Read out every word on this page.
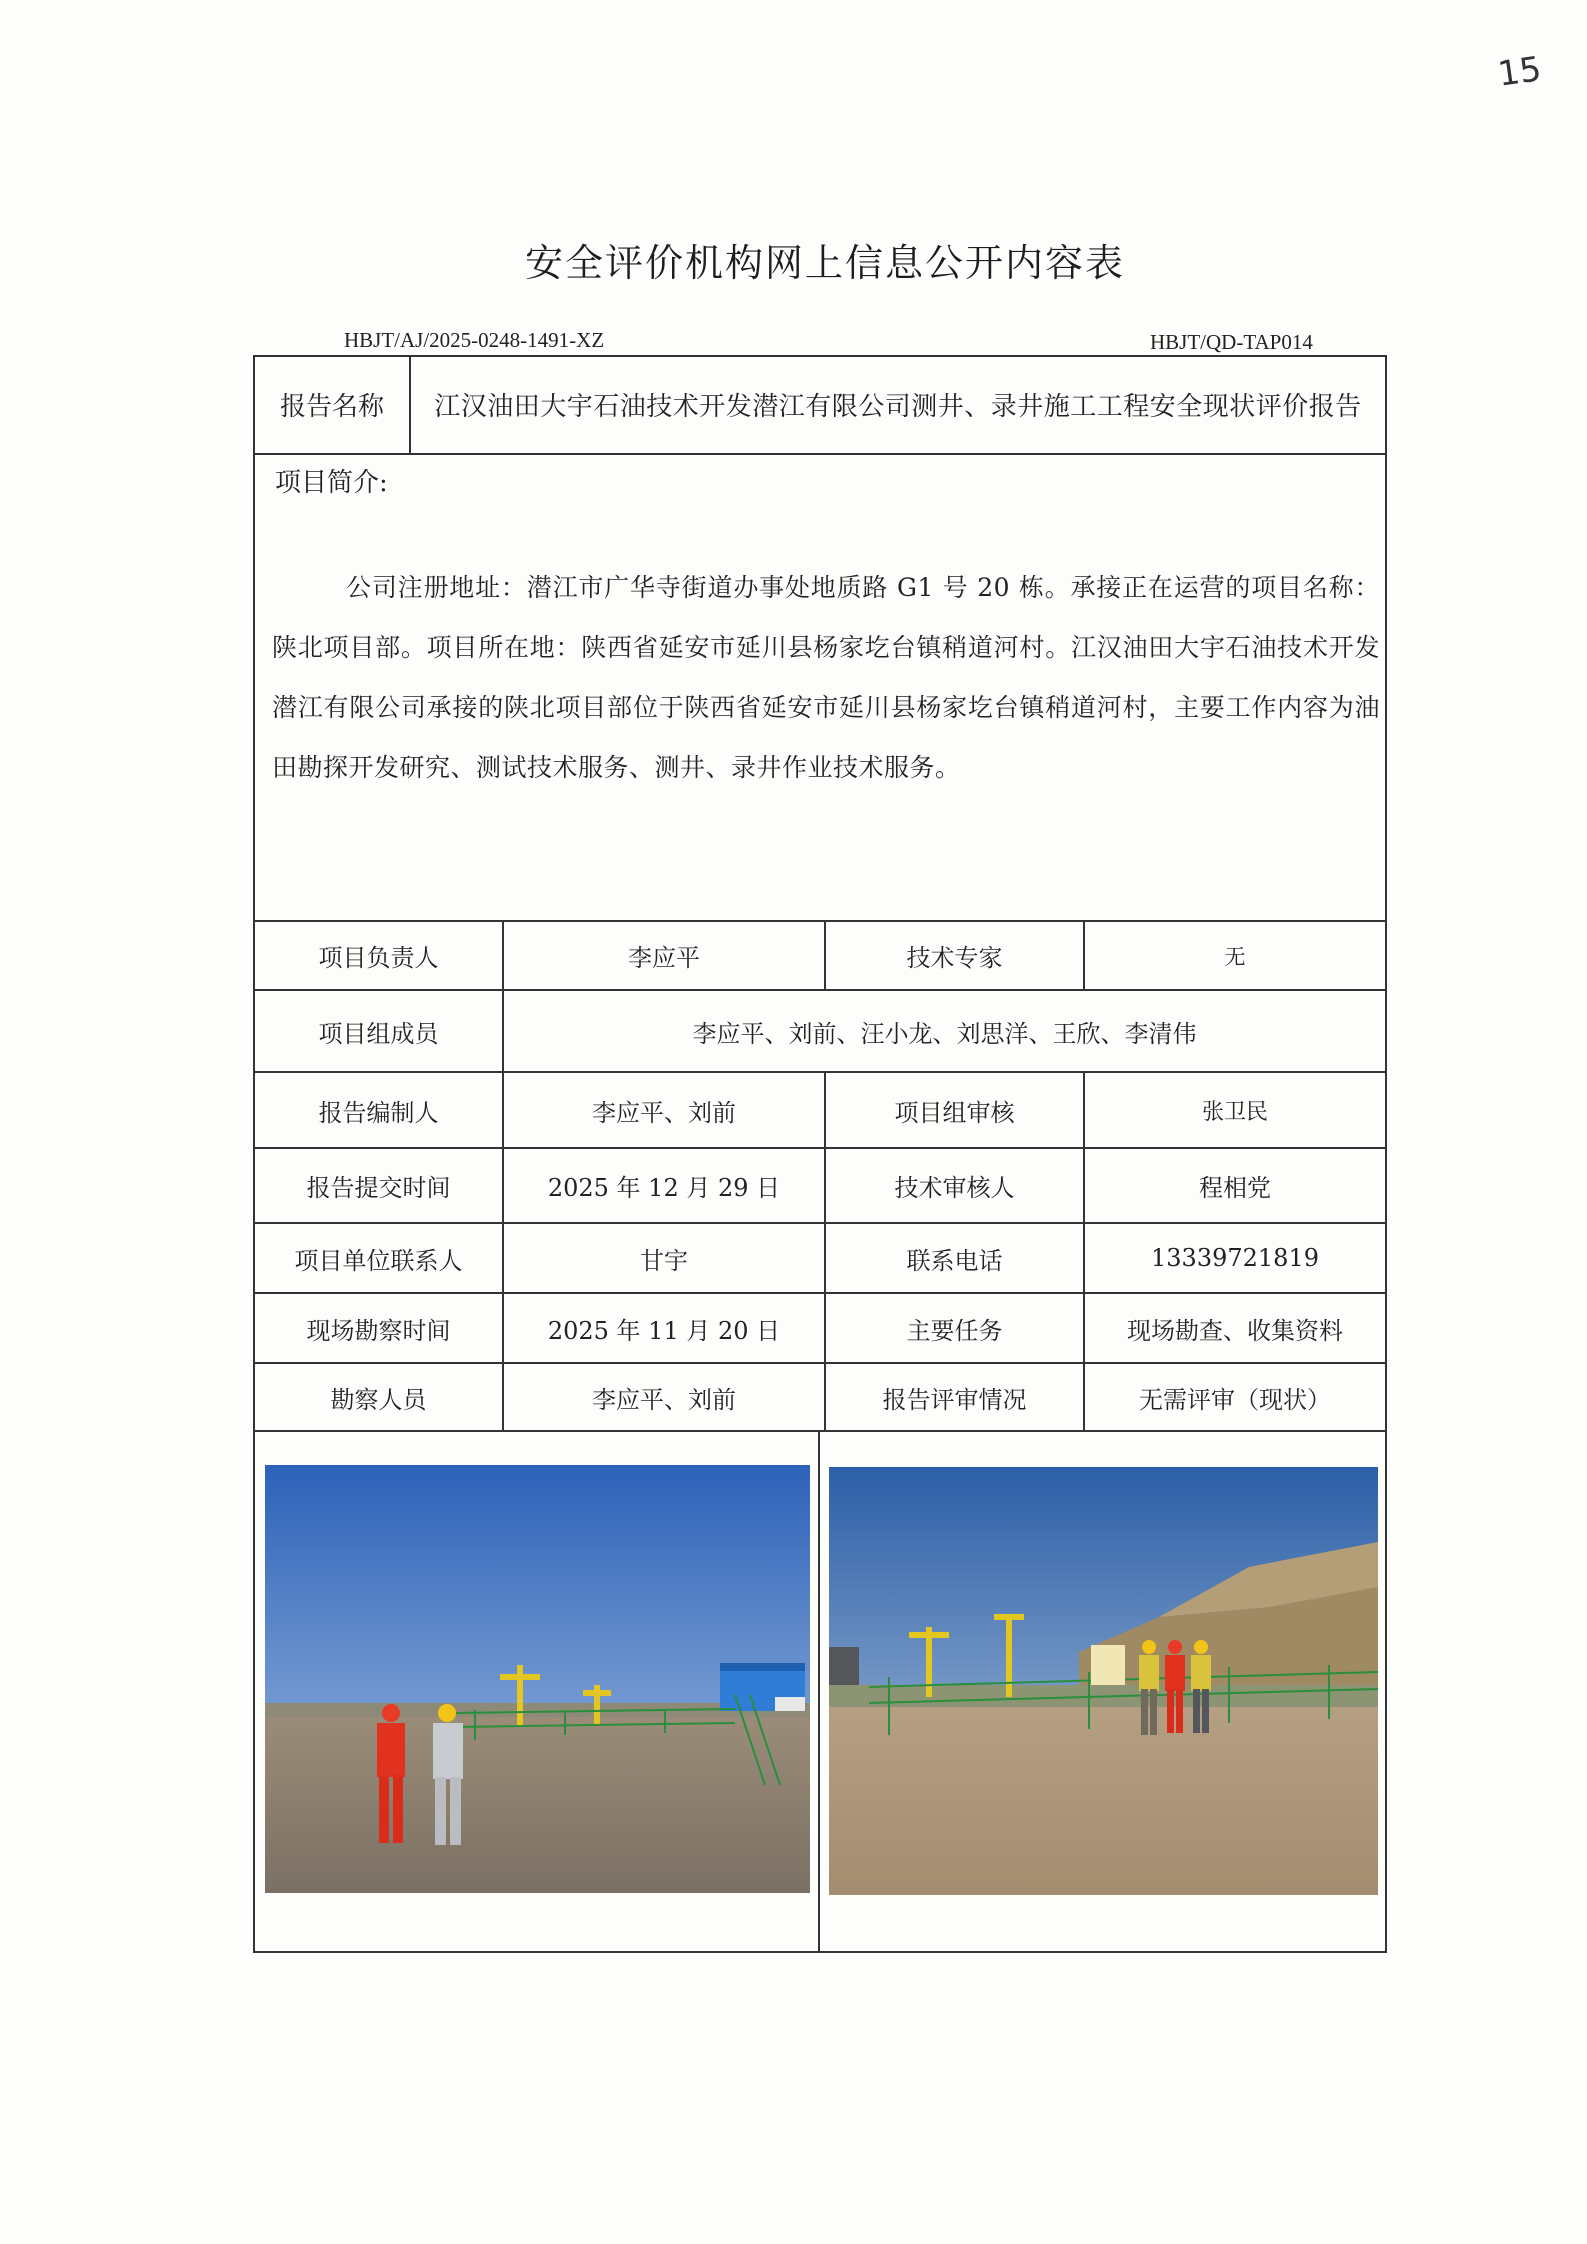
15
安全评价机构网上信息公开内容表
HBJT/AJ/2025-0248-1491-XZ	HBJT/QD-TAP014
报告名称	江汉油田大宇石油技术开发潜江有限公司测井、录井施工工程安全现状评价报告
项目简介:
公司注册地址：潜江市广华寺街道办事处地质路 G1 号 20 栋。承接正在运营的项目名称：陕北项目部。项目所在地：陕西省延安市延川县杨家圪台镇稍道河村。江汉油田大宇石油技术开发潜江有限公司承接的陕北项目部位于陕西省延安市延川县杨家圪台镇稍道河村，主要工作内容为油田勘探开发研究、测试技术服务、测井、录井作业技术服务。
项目负责人	李应平	技术专家	无
项目组成员	李应平、刘前、汪小龙、刘思洋、王欣、李清伟
报告编制人	李应平、刘前	项目组审核	张卫民
报告提交时间	2025 年 12 月 29 日	技术审核人	程相党
项目单位联系人	甘宇	联系电话	13339721819
现场勘察时间	2025 年 11 月 20 日	主要任务	现场勘查、收集资料
勘察人员	李应平、刘前	报告评审情况	无需评审（现状）
